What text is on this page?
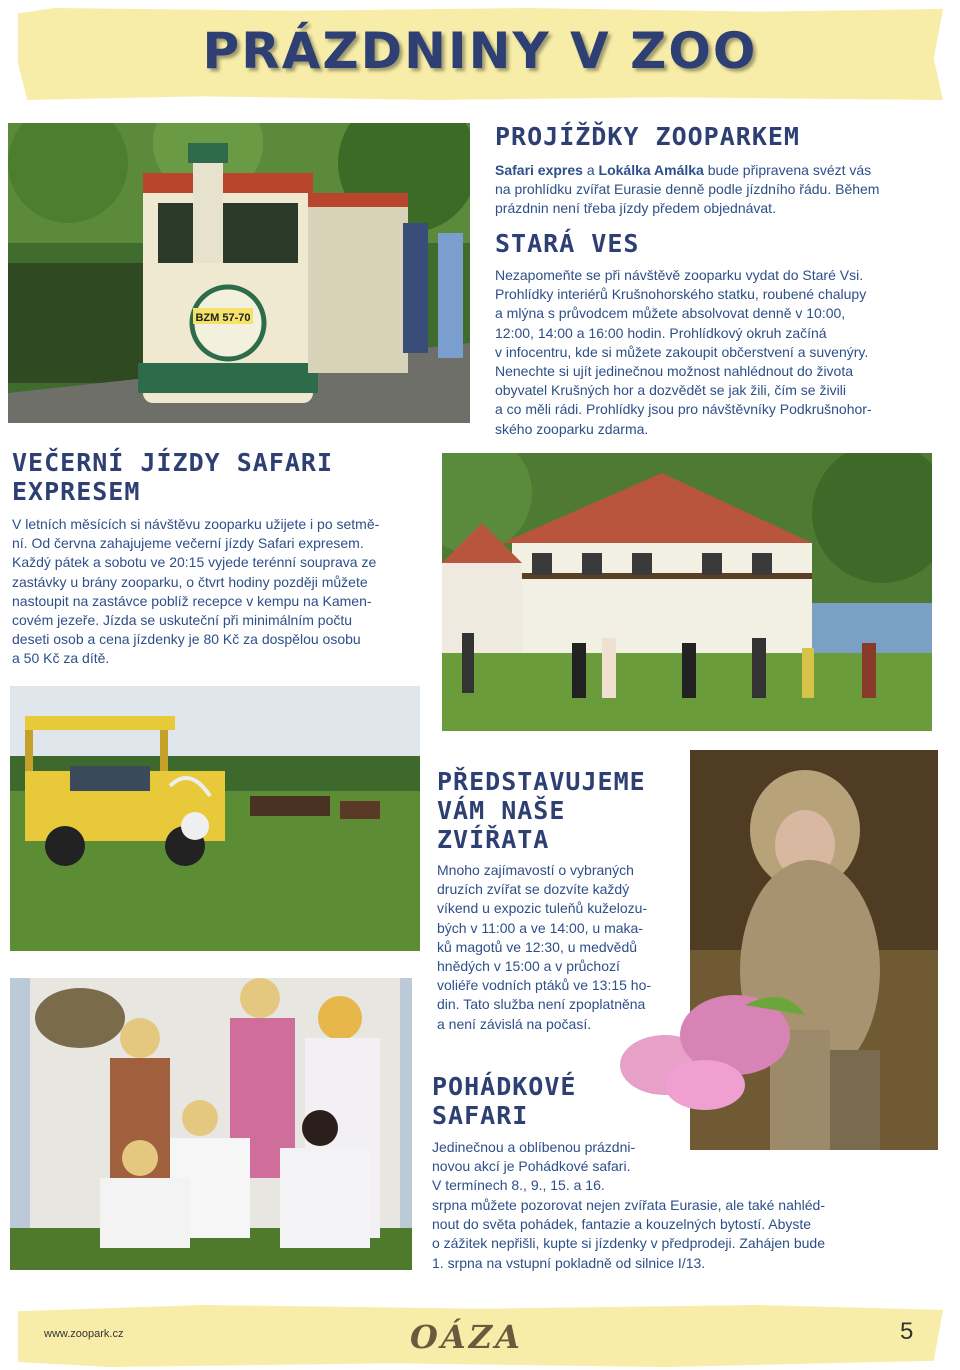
PRÁZDNINY V ZOO
BZM 57-70
PROJÍŽĎKY ZOOPARKEM
Safari expres a Lokálka Amálka bude připravena svézt vás
na prohlídku zvířat Eurasie denně podle jízdního řádu. Během
prázdnin není třeba jízdy předem objednávat.
STARÁ VES
Nezapomeňte se při návštěvě zooparku vydat do Staré Vsi.
Prohlídky interiérů Krušnohorského statku, roubené chalupy
a mlýna s průvodcem můžete absolvovat denně v 10:00,
12:00, 14:00 a 16:00 hodin. Prohlídkový okruh začíná
v infocentru, kde si můžete zakoupit občerstvení a suvenýry.
Nenechte si ujít jedinečnou možnost nahlédnout do života
obyvatel Krušných hor a dozvědět se jak žili, čím se živili
a co měli rádi. Prohlídky jsou pro návštěvníky Podkrušnohor-
ského zooparku zdarma.
VEČERNÍ JÍZDY SAFARI
EXPRESEM
V letních měsících si návštěvu zooparku užijete i po setmě-
ní. Od června zahajujeme večerní jízdy Safari expresem.
Každý pátek a sobotu ve 20:15 vyjede terénní souprava ze
zastávky u brány zooparku, o čtvrt hodiny později můžete
nastoupit na zastávce poblíž recepce v kempu na Kamen-
covém jezeře. Jízda se uskuteční při minimálním počtu
deseti osob a cena jízdenky je 80 Kč za dospělou osobu
a 50 Kč za dítě.
PŘEDSTAVUJEME
VÁM NAŠE
ZVÍŘATA
Mnoho zajímavostí o vybraných
druzích zvířat se dozvíte každý
víkend u expozic tuleňů kuželozu-
bých v 11:00 a ve 14:00, u maka-
ků magotů ve 12:30, u medvědů
hnědých v 15:00 a v průchozí
voliéře vodních ptáků ve 13:15 ho-
din. Tato služba není zpoplatněna
a není závislá na počasí.
POHÁDKOVÉ
SAFARI
Jedinečnou a oblíbenou prázdni-
novou akcí je Pohádkové safari.
V termínech 8., 9., 15. a 16.
srpna můžete pozorovat nejen zvířata Eurasie, ale také nahléd-
nout do světa pohádek, fantazie a kouzelných bytostí. Abyste
o zážitek nepřišli, kupte si jízdenky v předprodeji. Zahájen bude
1. srpna na vstupní pokladně od silnice I/13.
www.zoopark.cz	OÁZA	5
